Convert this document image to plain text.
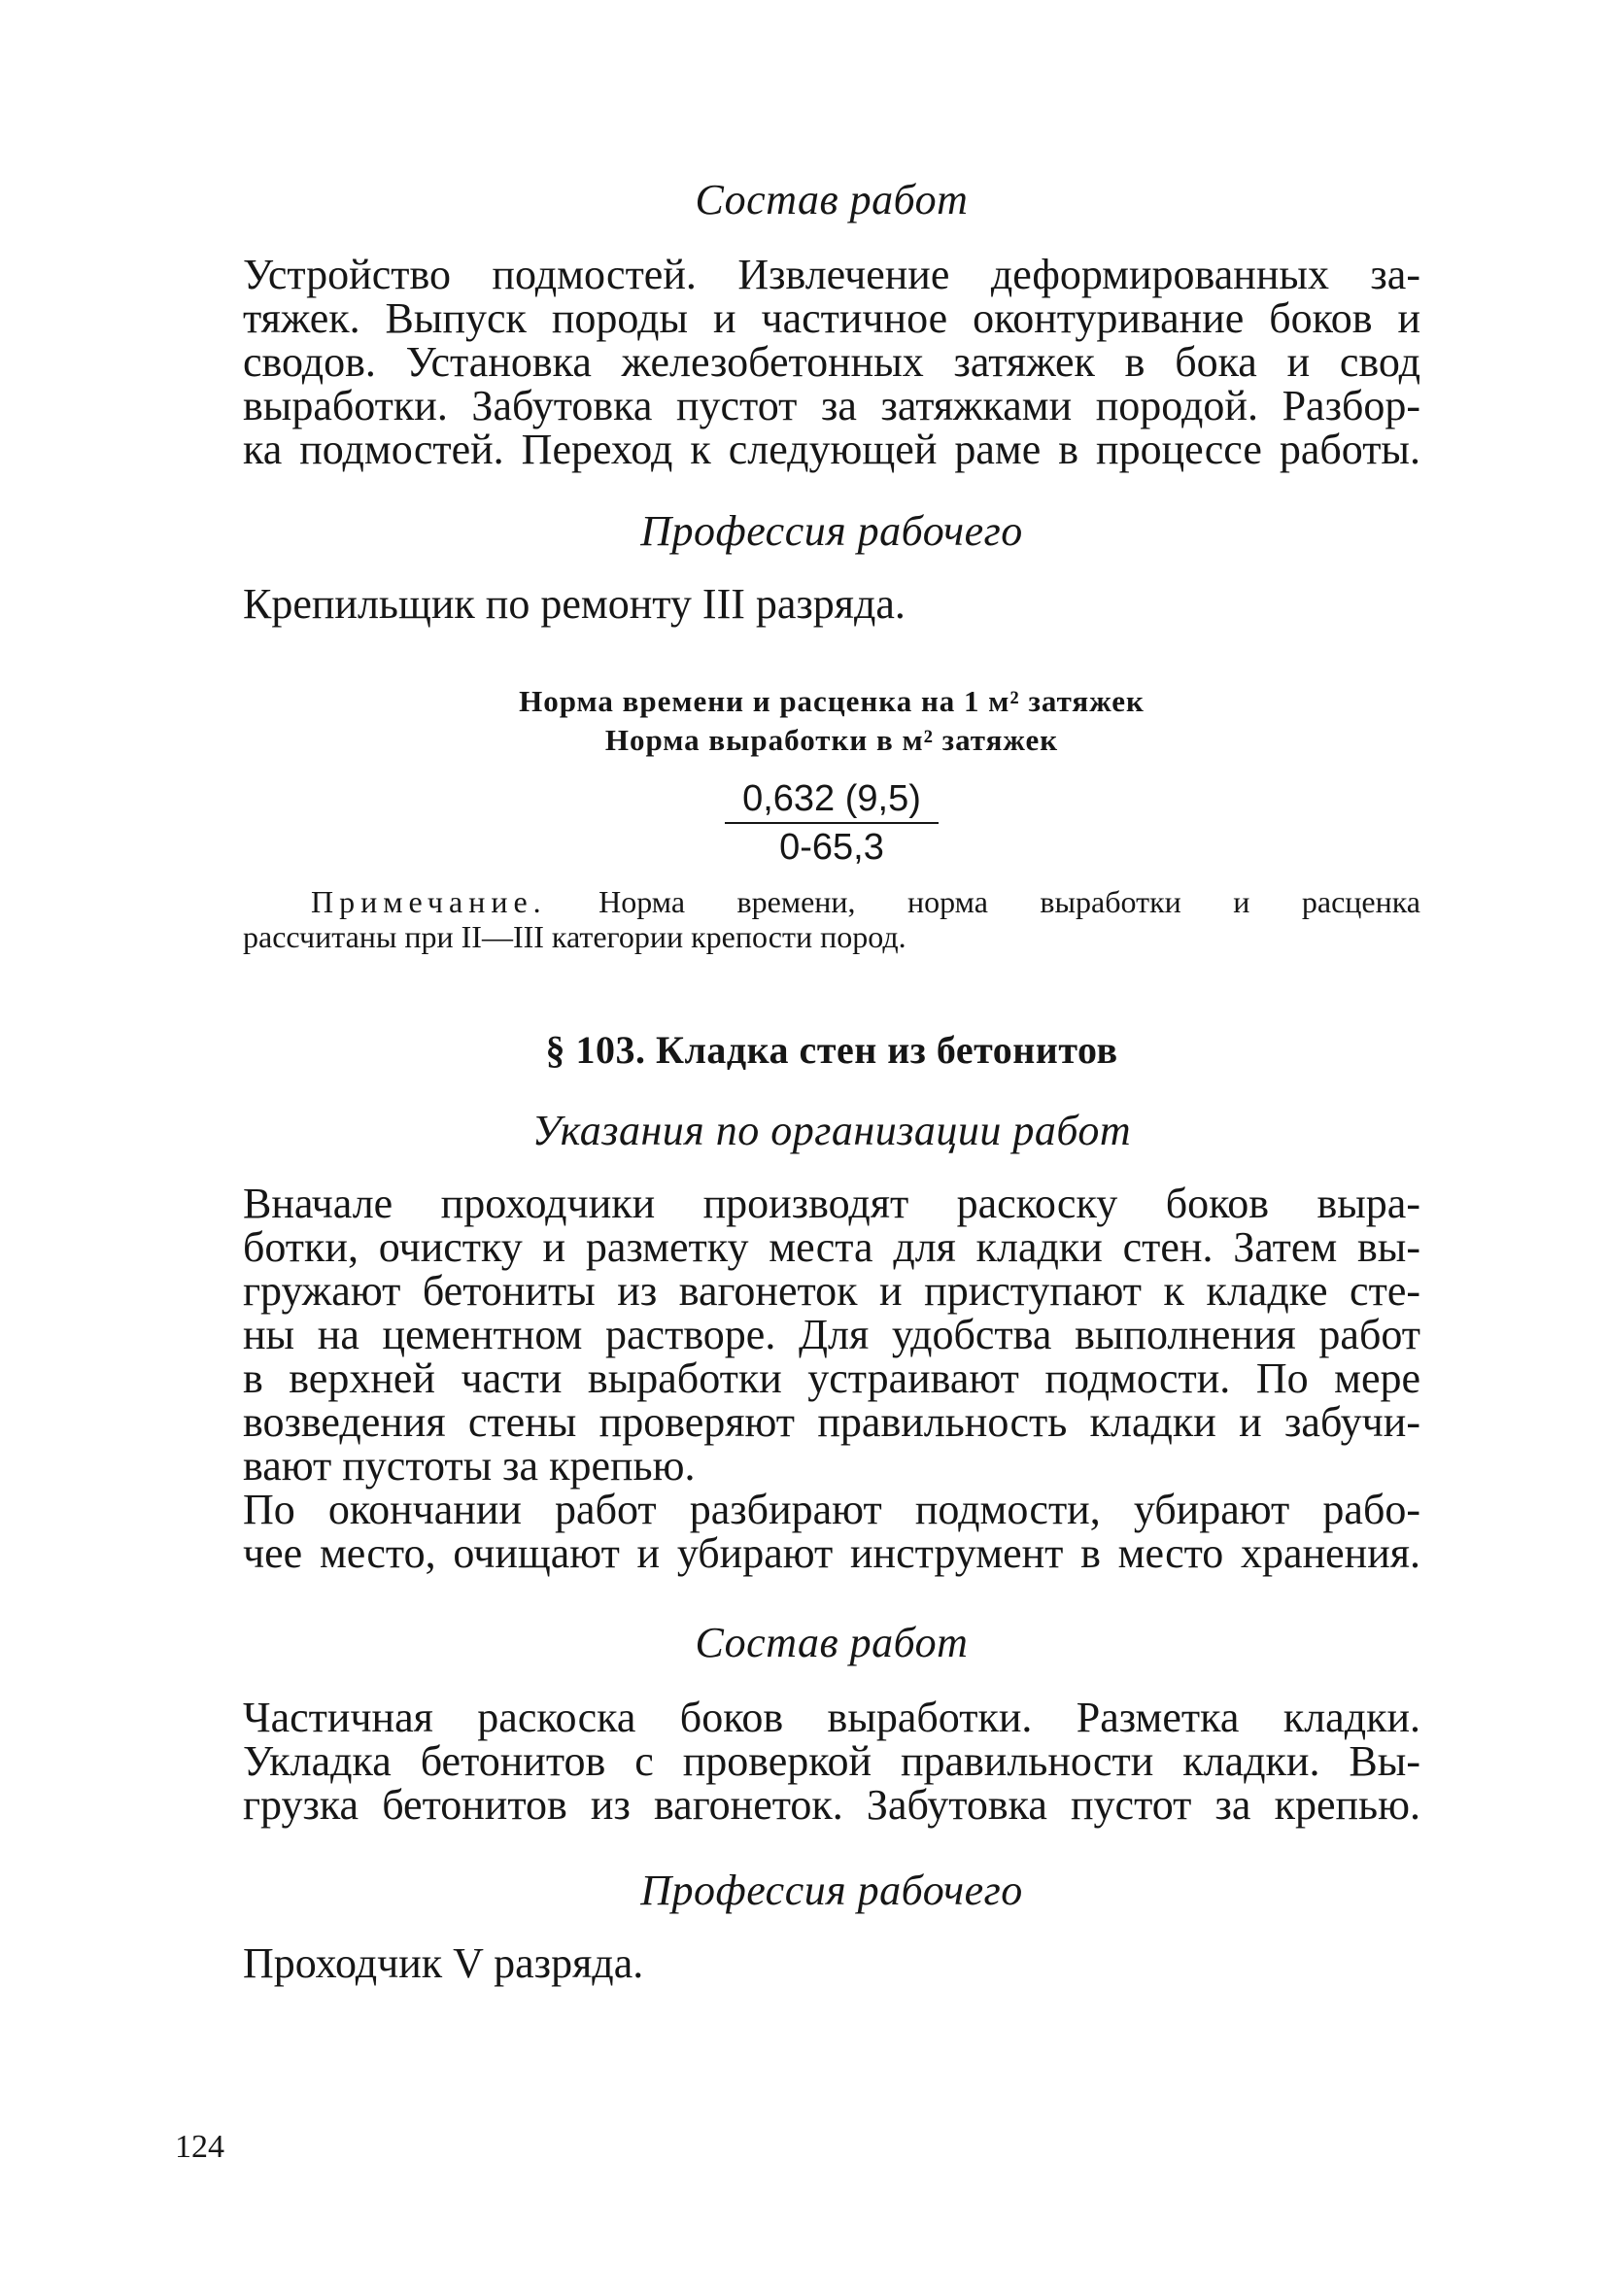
Состав работ

Устройство подмостей. Извлечение деформированных за-
тяжек. Выпуск породы и частичное оконтуривание боков и
сводов. Установка железобетонных затяжек в бока и свод
выработки. Забутовка пустот за затяжками породой. Разбор-
ка подмостей. Переход к следующей раме в процессе работы.

Профессия рабочего

Крепильщик по ремонту III разряда.

Норма времени и расценка на 1 м² затяжек
Норма выработки в м² затяжек
0,632 (9,5)
0-65,3
Примечание. Норма времени, норма выработки и расценка
рассчитаны при II—III категории крепости пород.
§ 103. Кладка стен из бетонитов

Указания по организации работ

Вначале проходчики производят раскоску боков выра-
ботки, очистку и разметку места для кладки стен. Затем вы-
гружают бетониты из вагонеток и приступают к кладке сте-
ны на цементном растворе. Для удобства выполнения работ
в верхней части выработки устраивают подмости. По мере
возведения стены проверяют правильность кладки и забучи-
вают пустоты за крепью.
По окончании работ разбирают подмости, убирают рабо-
чее место, очищают и убирают инструмент в место хранения.

Состав работ

Частичная раскоска боков выработки. Разметка кладки.
Укладка бетонитов с проверкой правильности кладки. Вы-
грузка бетонитов из вагонеток. Забутовка пустот за крепью.

Профессия рабочего

Проходчик V разряда.

124
